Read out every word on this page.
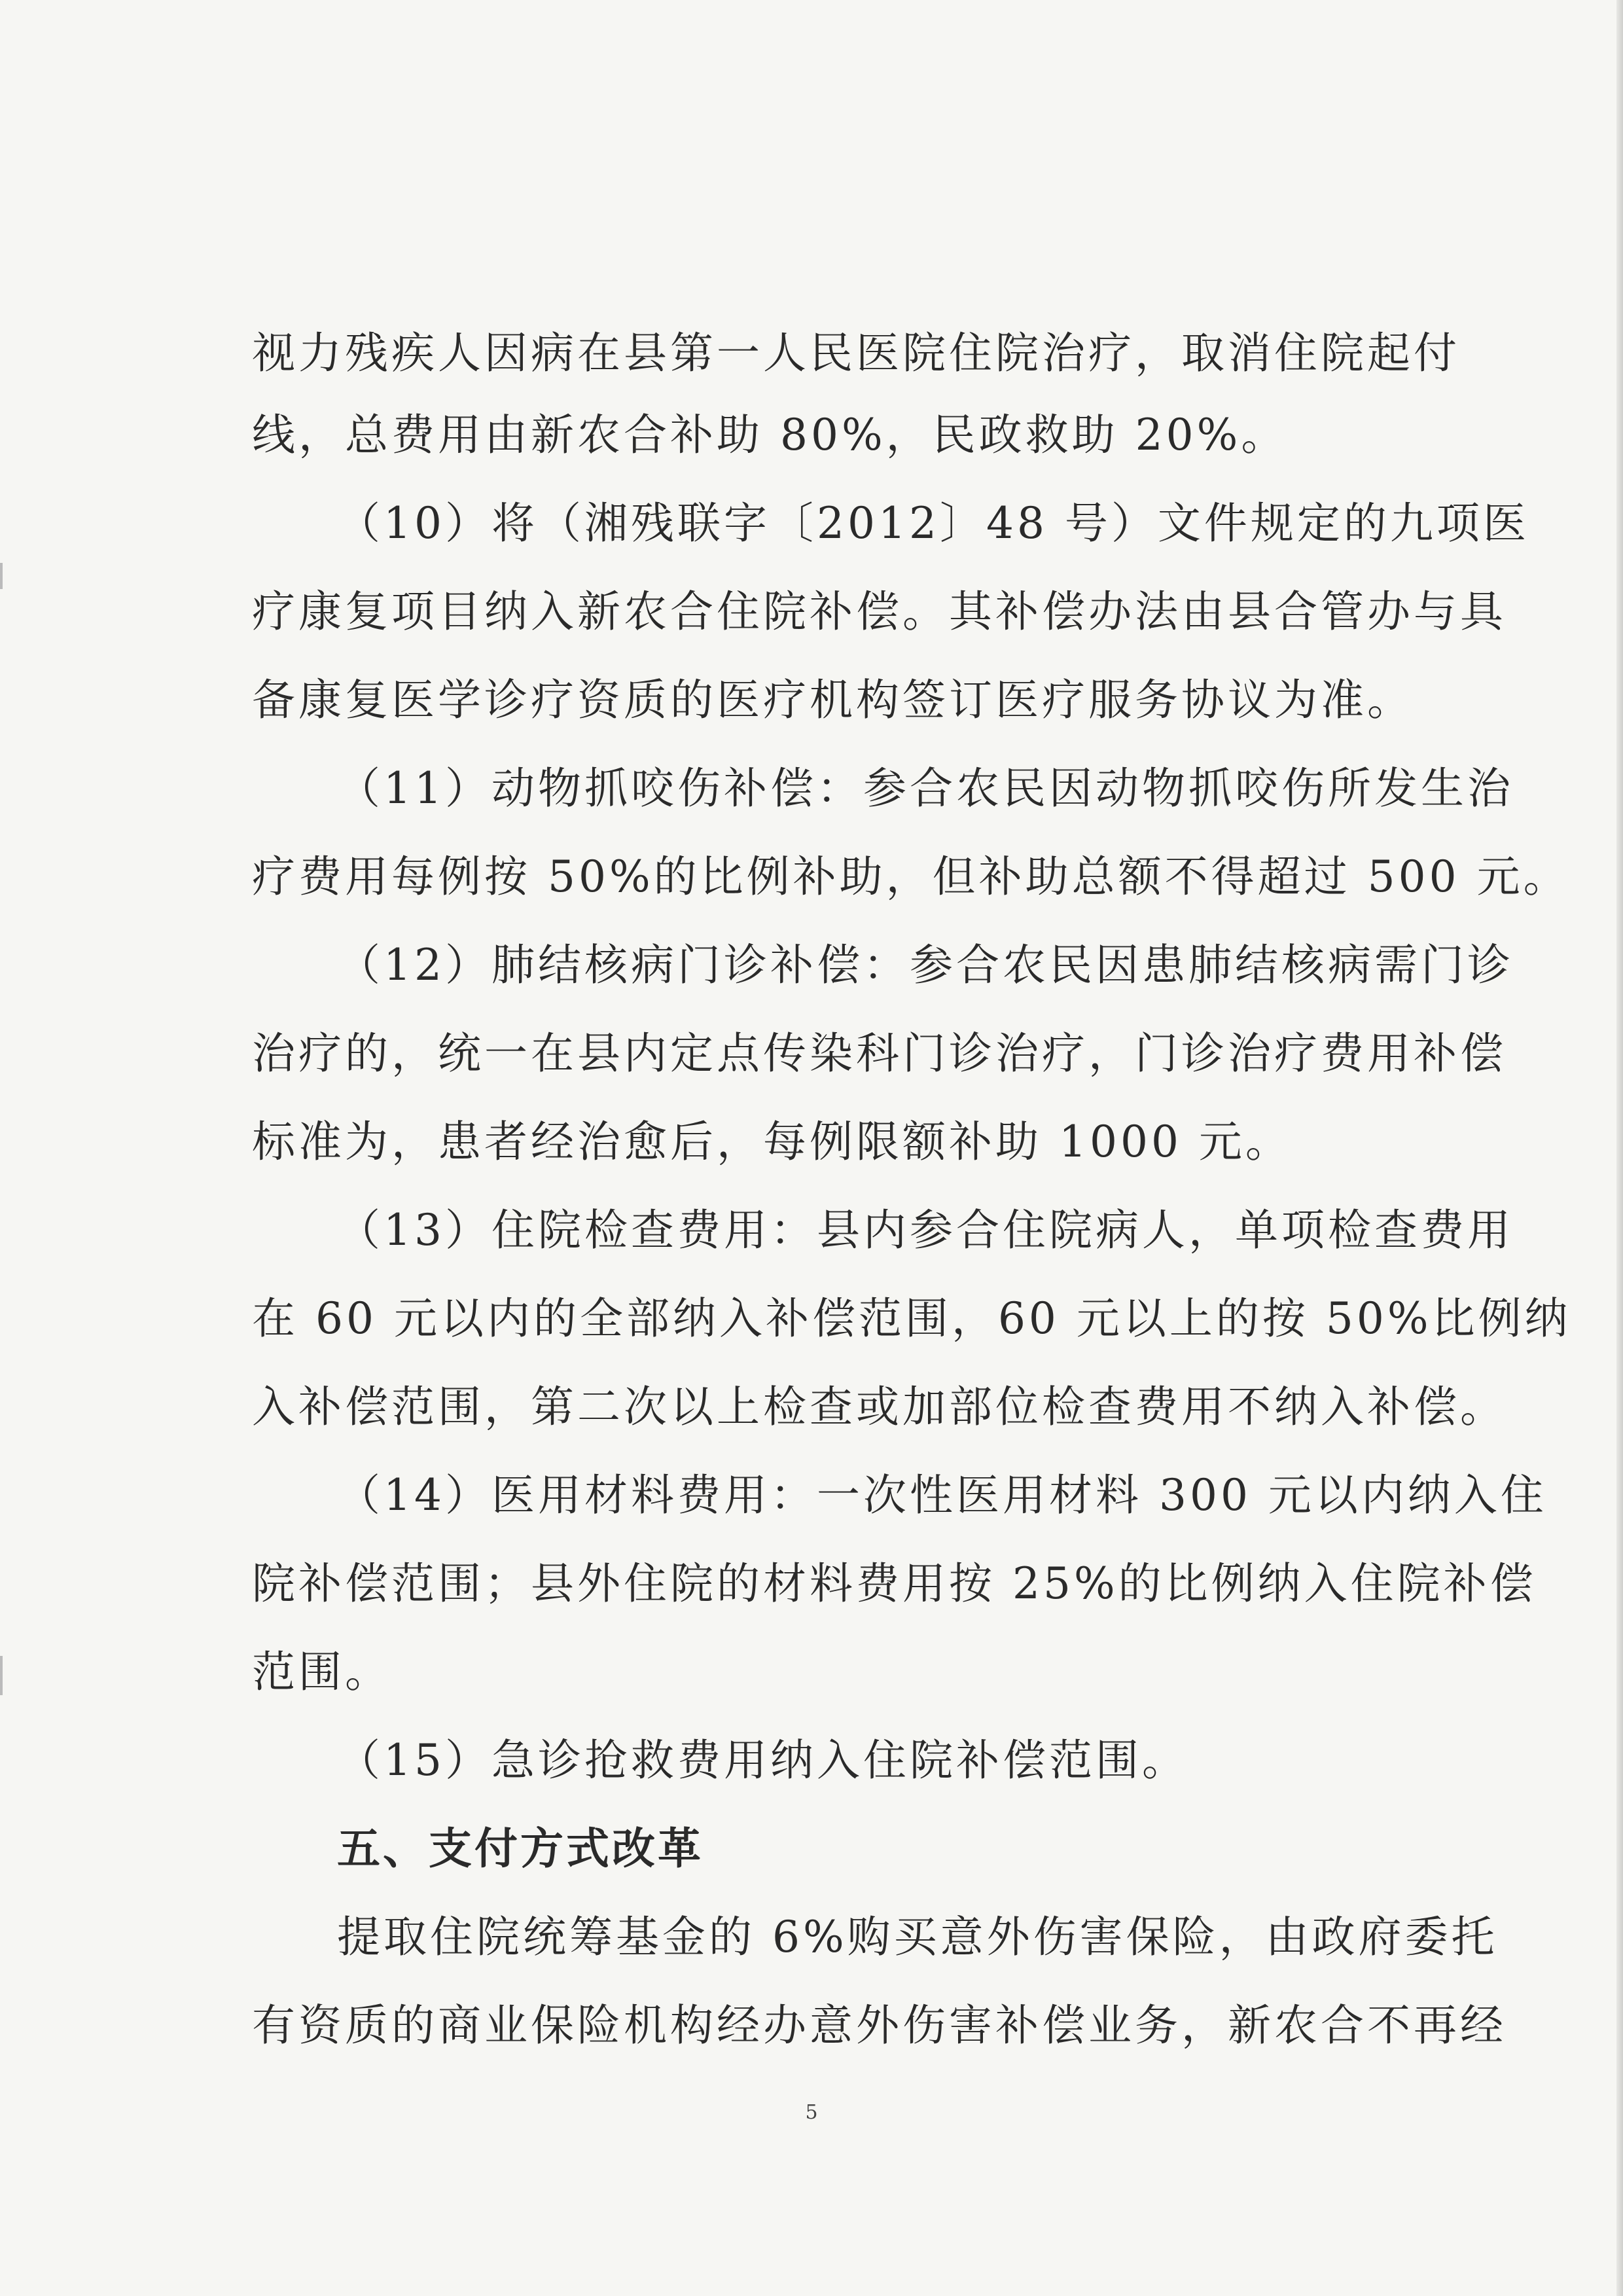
视力残疾人因病在县第一人民医院住院治疗，取消住院起付
线，总费用由新农合补助 80%，民政救助 20%。
（10）将（湘残联字〔2012〕48 号）文件规定的九项医
疗康复项目纳入新农合住院补偿。其补偿办法由县合管办与具
备康复医学诊疗资质的医疗机构签订医疗服务协议为准。
（11）动物抓咬伤补偿：参合农民因动物抓咬伤所发生治
疗费用每例按 50%的比例补助，但补助总额不得超过 500 元。
（12）肺结核病门诊补偿：参合农民因患肺结核病需门诊
治疗的，统一在县内定点传染科门诊治疗，门诊治疗费用补偿
标准为，患者经治愈后，每例限额补助 1000 元。
（13）住院检查费用：县内参合住院病人，单项检查费用
在 60 元以内的全部纳入补偿范围，60 元以上的按 50%比例纳
入补偿范围，第二次以上检查或加部位检查费用不纳入补偿。
（14）医用材料费用：一次性医用材料 300 元以内纳入住
院补偿范围；县外住院的材料费用按 25%的比例纳入住院补偿
范围。
（15）急诊抢救费用纳入住院补偿范围。
五、支付方式改革
提取住院统筹基金的 6%购买意外伤害保险，由政府委托
有资质的商业保险机构经办意外伤害补偿业务，新农合不再经
5
